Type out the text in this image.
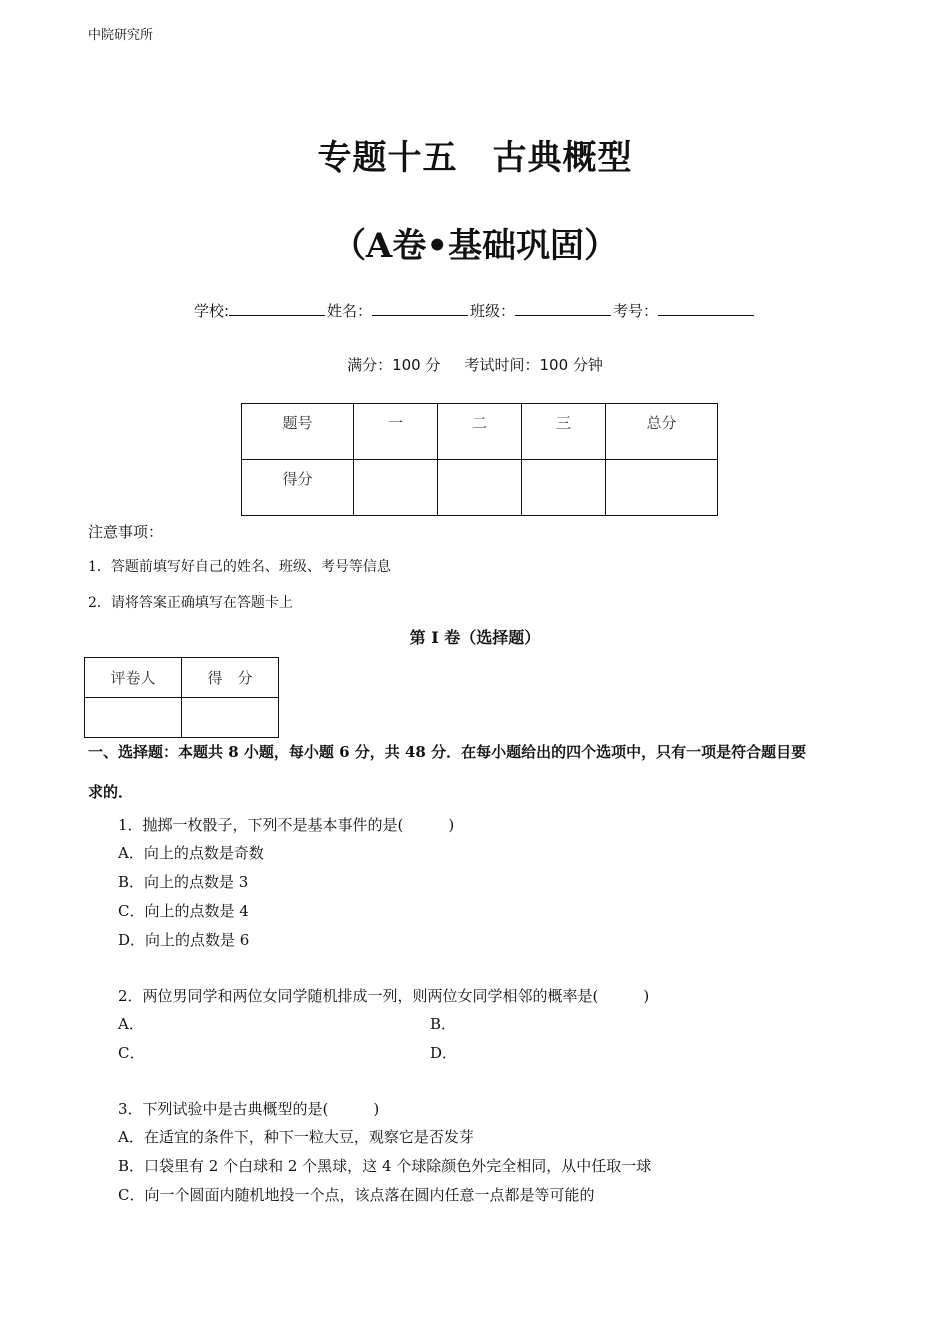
中院研究所
专题十五　古典概型
（A卷•基础巩固）
学校:	姓名：	班级：	考号：
满分：100 分 考试时间：100 分钟
题号	一	二	三	总分
得分				
注意事项：
1．答题前填写好自己的姓名、班级、考号等信息
2．请将答案正确填写在答题卡上
第 I 卷（选择题）
评卷人	得　分

一、选择题：本题共 8 小题，每小题 6 分，共 48 分．在每小题给出的四个选项中，只有一项是符合题目要
求的．
1．抛掷一枚骰子，下列不是基本事件的是(　　　)
A．向上的点数是奇数
B．向上的点数是 3
C．向上的点数是 4
D．向上的点数是 6
2．两位男同学和两位女同学随机排成一列，则两位女同学相邻的概率是(　　　)
A．	B．
C．	D．
3．下列试验中是古典概型的是(　　　)
A．在适宜的条件下，种下一粒大豆，观察它是否发芽
B．口袋里有 2 个白球和 2 个黑球，这 4 个球除颜色外完全相同，从中任取一球
C．向一个圆面内随机地投一个点，该点落在圆内任意一点都是等可能的
